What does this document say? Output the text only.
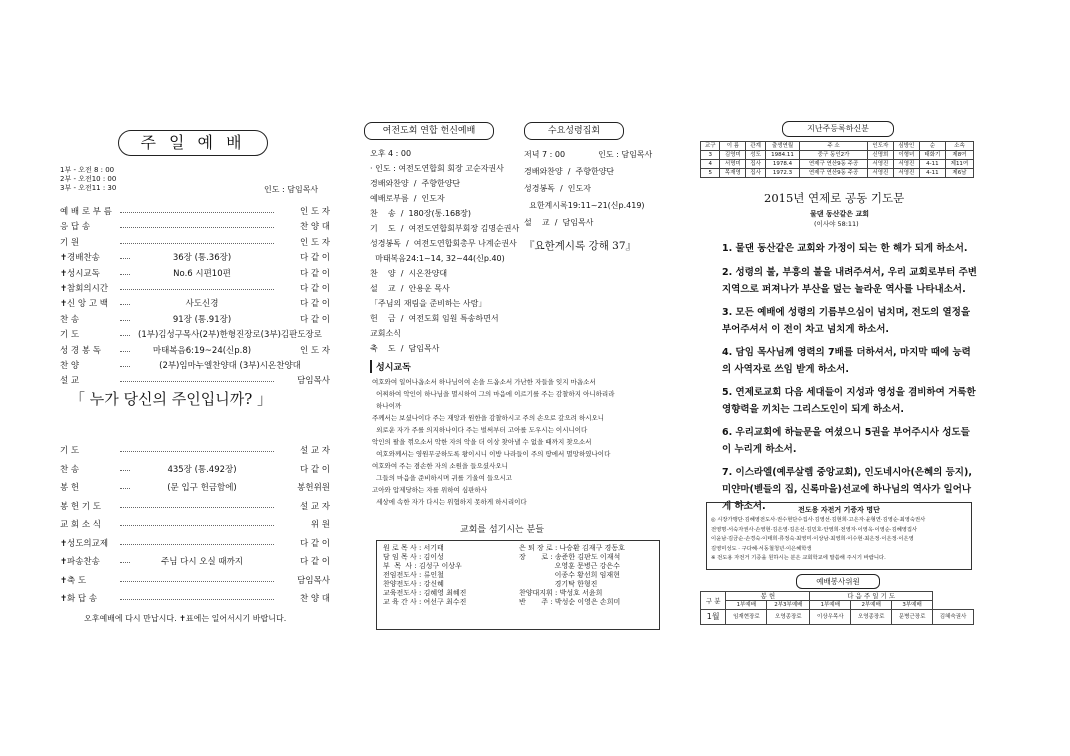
주 일 예 배
1부 - 오전 8 : 00
2부 - 오전10 : 00
3부 - 오전11 : 30	인도 : 담임목사
예 배 로 부 름	인 도 자
응 답 송	찬 양 대
기 원	인 도 자
✝ 경배찬송	36장 (통.36장)	다 같 이
✝ 성시교독	No.6 시편10편	다 같 이
✝ 참회의시간	다 같 이
✝ 신 앙 고 백	사도신경	다 같 이
찬 송	91장 (통.91장)	다 같 이
기 도	(1부)김성구목사(2부)한형진장로(3부)김판도장로
성 경 봉 독	마태복음6:19~24(신p.8)	인 도 자
찬 양	(2부)임마누엘찬양대 (3부)시온찬양대
설 교	담임목사
「 누가 당신의 주인입니까? 」
기 도	설 교 자
찬 송	435장 (통.492장)	다 같 이
봉 헌	(문 입구 헌금함에)	봉헌위원
봉 헌 기 도	설 교 자
교 회 소 식	위 원
✝ 성도의교제	다 같 이
✝ 파송찬송	주님 다시 오실 때까지	다 같 이
✝ 축 도	담임목사
✝ 화 답 송	찬 양 대
오후예배에 다시 만납시다. ✝표에는 일어서시기 바랍니다.
여전도회 연합 헌신예배
오후 4 : 00
· 인도 : 여전도연합회 회장 고순자권사
경배와찬양  /  주향한양단
예배로부름  /  인도자
찬    송  /  180장(통.168장)
기    도  /  여전도연합회부회장 김명순권사
성경봉독  /  여전도연합회총무 나계순권사
마태복음24:1~14, 32~44(신p.40)
찬    양  /  시온찬양대
설    교  /  안용운 목사
「주님의 재림을 준비하는 사람」
헌    금  /  여전도회 임원 특송하면서
교회소식
축    도  /  담임목사
수요성령집회
저녁 7 : 00             인도 : 담임목사
경배와찬양  /  주향한양단
성경봉독  /  인도자
요한계시록19:11~21(신p.419)
설    교  /  담임목사
『요한계시록 강해 37』
성시교독
여호와여 일어나옵소서 하나님이여 손을 드옵소서 가난한 자들을 잊지 마옵소서
어찌하여 악인이 하나님을 멸시하여 그의 마음에 이르기를 주는 감찰하지 아니하리라
하나이까
주께서는 보셨나이다 주는 재앙과 원한을 감찰하시고 주의 손으로 갚으려 하시오니
외로운 자가 주를 의지하나이다 주는 벌써부터 고아를 도우시는 이시니이다
악인의 팔을 꺾으소서 악한 자의 악을 더 이상 찾아낼 수 없을 때까지 찾으소서
여호와께서는 영원무궁하도록 왕이시니 이방 나라들이 주의 땅에서 멸망하였나이다
여호와여 주는 겸손한 자의 소원을 들으셨사오니
그들의 마음을 준비하시며 귀를 기울여 들으시고
고아와 압제당하는 자를 위하여 심판하사
세상에 속한 자가 다시는 위협하지 못하게 하시리이다
교회를 섬기시는 분들
원 로 목 사 : 서기태
담 임 목 사 : 김이성
부  목  사 : 김성구 이상우
전임전도사 : 류인철
찬양전도사 : 강신혜
교육전도사 : 김혜영 최혜진
교 육 간 사 : 여선구 최수진
은 퇴 장 로 : 나승환 김재구 경동호
장       로 : 송준한 김판도 이재석
오영훈 문병근 강은수
이종수 황선희 임재현
경기탁 한형진
찬양대지휘 : 박성호 서윤희
반       주 : 박성순 이영은 손희미
지난주등록하신분
교구	이 름	관계	출생연월	주 소	인도자	심방인	순	소속
3	김영미	성도	1984.11	중구 동인2가	신명희	이형녀	태화기	제8여
4	서명미	집사	1978.4	연제구 연산9동 주공	서영진	서영진	4-11	제11여
5	목재영	집사	1972.3	연제구 연산9동 주공	서영진	서영진	4-11	제6남
2015년 연제로 공동 기도문
물댄 동산같은 교회
(이사야 58:11)
1. 물댄 동산같은 교회와 가정이 되는 한 해가 되게 하소서.
2. 성령의 불, 부흥의 불을 내려주셔서, 우리 교회로부터 주변지역으로 퍼져나가 부산을 덮는 놀라운 역사를 나타내소서.
3. 모든 예배에 성령의 기름부으심이 넘치며, 전도의 열정을 부어주셔서 이 전이 차고 넘치게 하소서.
4. 담임 목사님께 영력의 7배를 더하셔서, 마지막 때에 능력의 사역자로 쓰임 받게 하소서.
5. 연제로교회 다음 세대들이 지성과 영성을 겸비하여 거룩한 영향력을 끼치는 그리스도인이 되게 하소서.
6. 우리교회에 하늘문을 여셨으니 5권을 부어주시사 성도들이 누리게 하소서.
7. 이스라엘(예루살렘 중앙교회), 인도네시아(은혜의 등지), 미얀마(벧들의 집, 신록마을)선교에 하나님의 역사가 일어나게 하소서.	전도용 자전거 기증자 명단
◎ 시장가맹단·김혜영전도사·권수현단수집사·김영선·김현희·고은자·윤형연·김영순·최영숙권사
전영명·서숙자권사·손영현·김은영·김은선·김민호·안영희·전영자·이영옥·이영순·김혜영집사
이윤남·김금순·손경숙·이태희·류정숙·최영미·이상남·최영희·이수현·최은정·이은정·이은영
김영미성도 · 구다혜·서동철청년·이은혜학생
※ 전도용 자전거 기증을 원하시는 분은 교회학교에 말씀해 주시기 바랍니다.
예배봉사위원
구 분	봉 헌		다 음 주 일 기 도			
	1부예배	2부3부예배	1부예배	2부예배	3부예배	
1월	임재현장로	오영종장로	이상우목사	오영종장로	문병근장로	김혜숙권사
